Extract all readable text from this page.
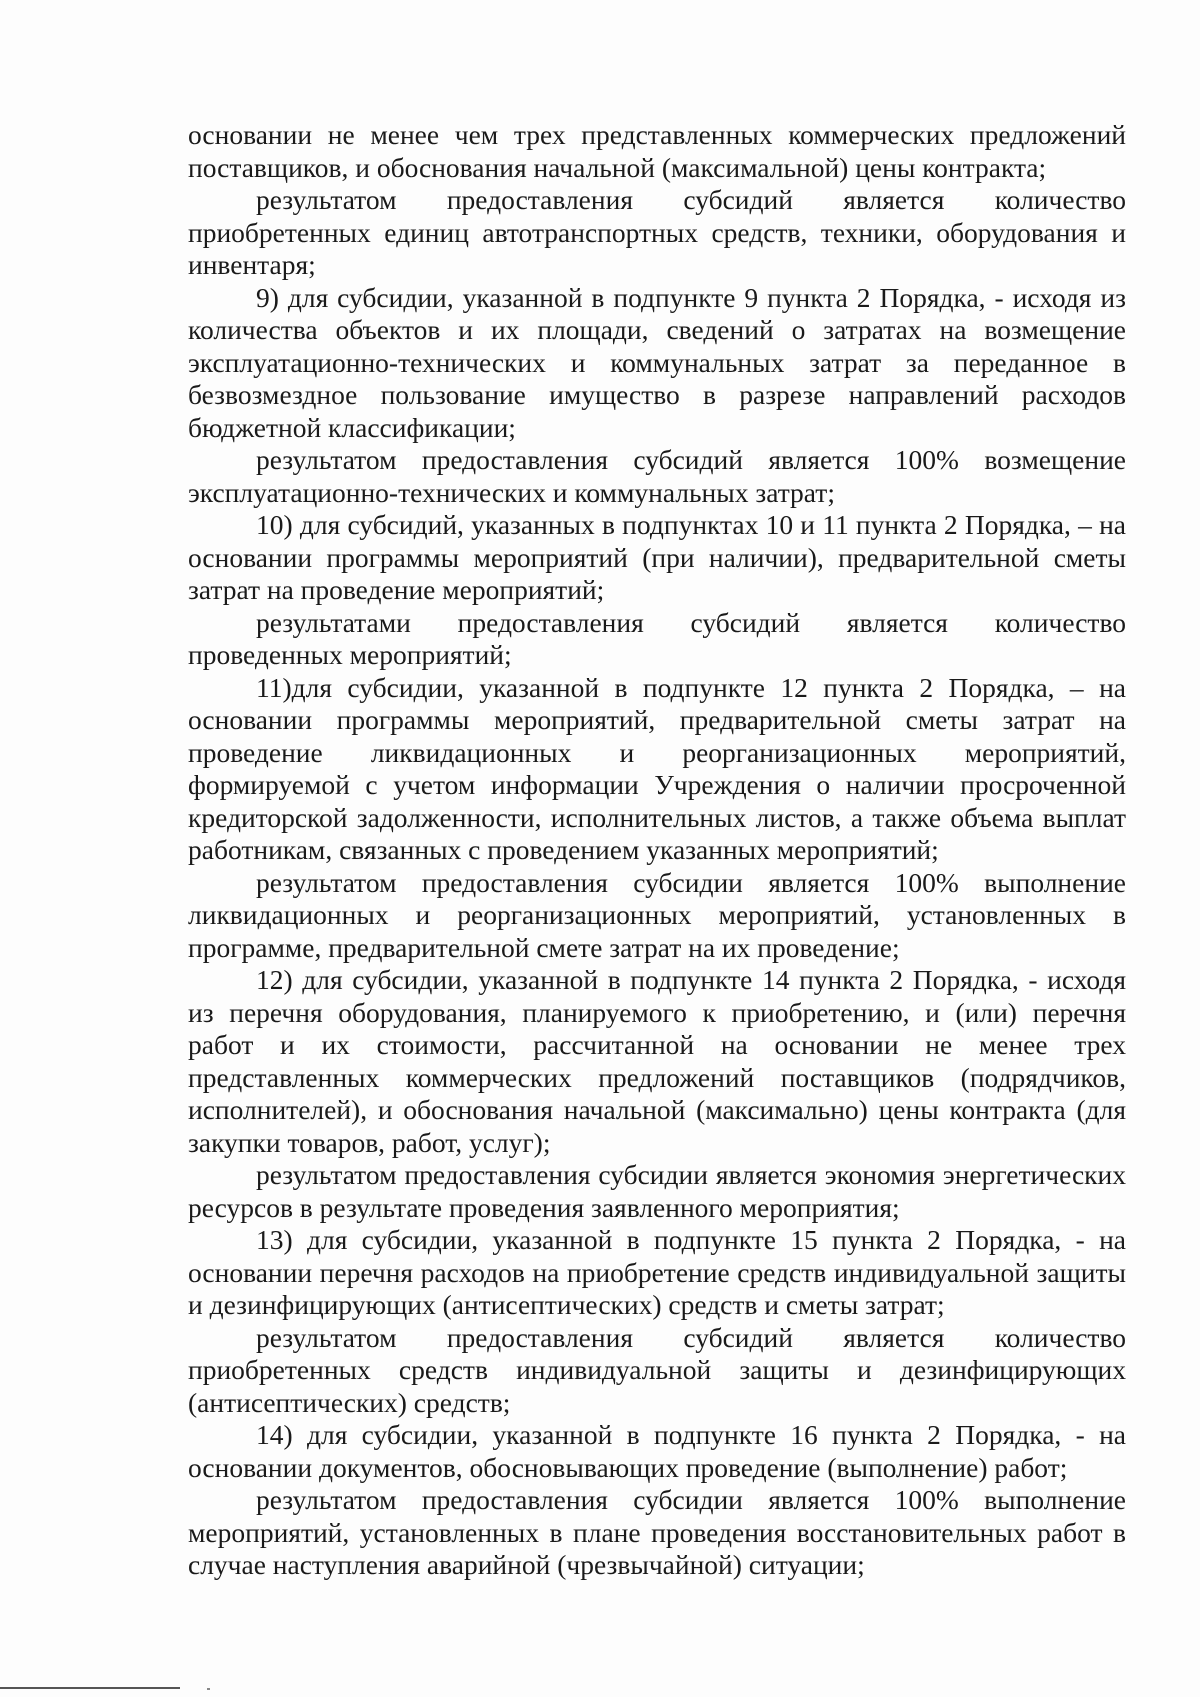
основании не менее чем трех представленных коммерческих предложений поставщиков, и обоснования начальной (максимальной) цены контракта;

результатом предоставления субсидий является количество приобретенных единиц автотранспортных средств, техники, оборудования и инвентаря;

9) для субсидии, указанной в подпункте 9 пункта 2 Порядка, - исходя из количества объектов и их площади, сведений о затратах на возмещение эксплуатационно-технических и коммунальных затрат за переданное в безвозмездное пользование имущество в разрезе направлений расходов бюджетной классификации;

результатом предоставления субсидий является 100% возмещение эксплуатационно-технических и коммунальных затрат;

10) для субсидий, указанных в подпунктах 10 и 11 пункта 2 Порядка, – на основании программы мероприятий (при наличии), предварительной сметы затрат на проведение мероприятий;

результатами предоставления субсидий является количество проведенных мероприятий;

11)для субсидии, указанной в подпункте 12 пункта 2 Порядка, – на основании программы мероприятий, предварительной сметы затрат на проведение ликвидационных и реорганизационных мероприятий, формируемой с учетом информации Учреждения о наличии просроченной кредиторской задолженности, исполнительных листов, а также объема выплат работникам, связанных с проведением указанных мероприятий;

результатом предоставления субсидии является 100% выполнение ликвидационных и реорганизационных мероприятий, установленных в программе, предварительной смете затрат на их проведение;

12) для субсидии, указанной в подпункте 14 пункта 2 Порядка, - исходя из перечня оборудования, планируемого к приобретению, и (или) перечня работ и их стоимости, рассчитанной на основании не менее трех представленных коммерческих предложений поставщиков (подрядчиков, исполнителей), и обоснования начальной (максимально) цены контракта (для закупки товаров, работ, услуг);

результатом предоставления субсидии является экономия энергетических ресурсов в результате проведения заявленного мероприятия;

13) для субсидии, указанной в подпункте 15 пункта 2 Порядка, - на основании перечня расходов на приобретение средств индивидуальной защиты и дезинфицирующих (антисептических) средств и сметы затрат;

результатом предоставления субсидий является количество приобретенных средств индивидуальной защиты и дезинфицирующих (антисептических) средств;

14) для субсидии, указанной в подпункте 16 пункта 2 Порядка, - на основании документов, обосновывающих проведение (выполнение) работ;

результатом предоставления субсидии является 100% выполнение мероприятий, установленных в плане проведения восстановительных работ в случае наступления аварийной (чрезвычайной) ситуации;
